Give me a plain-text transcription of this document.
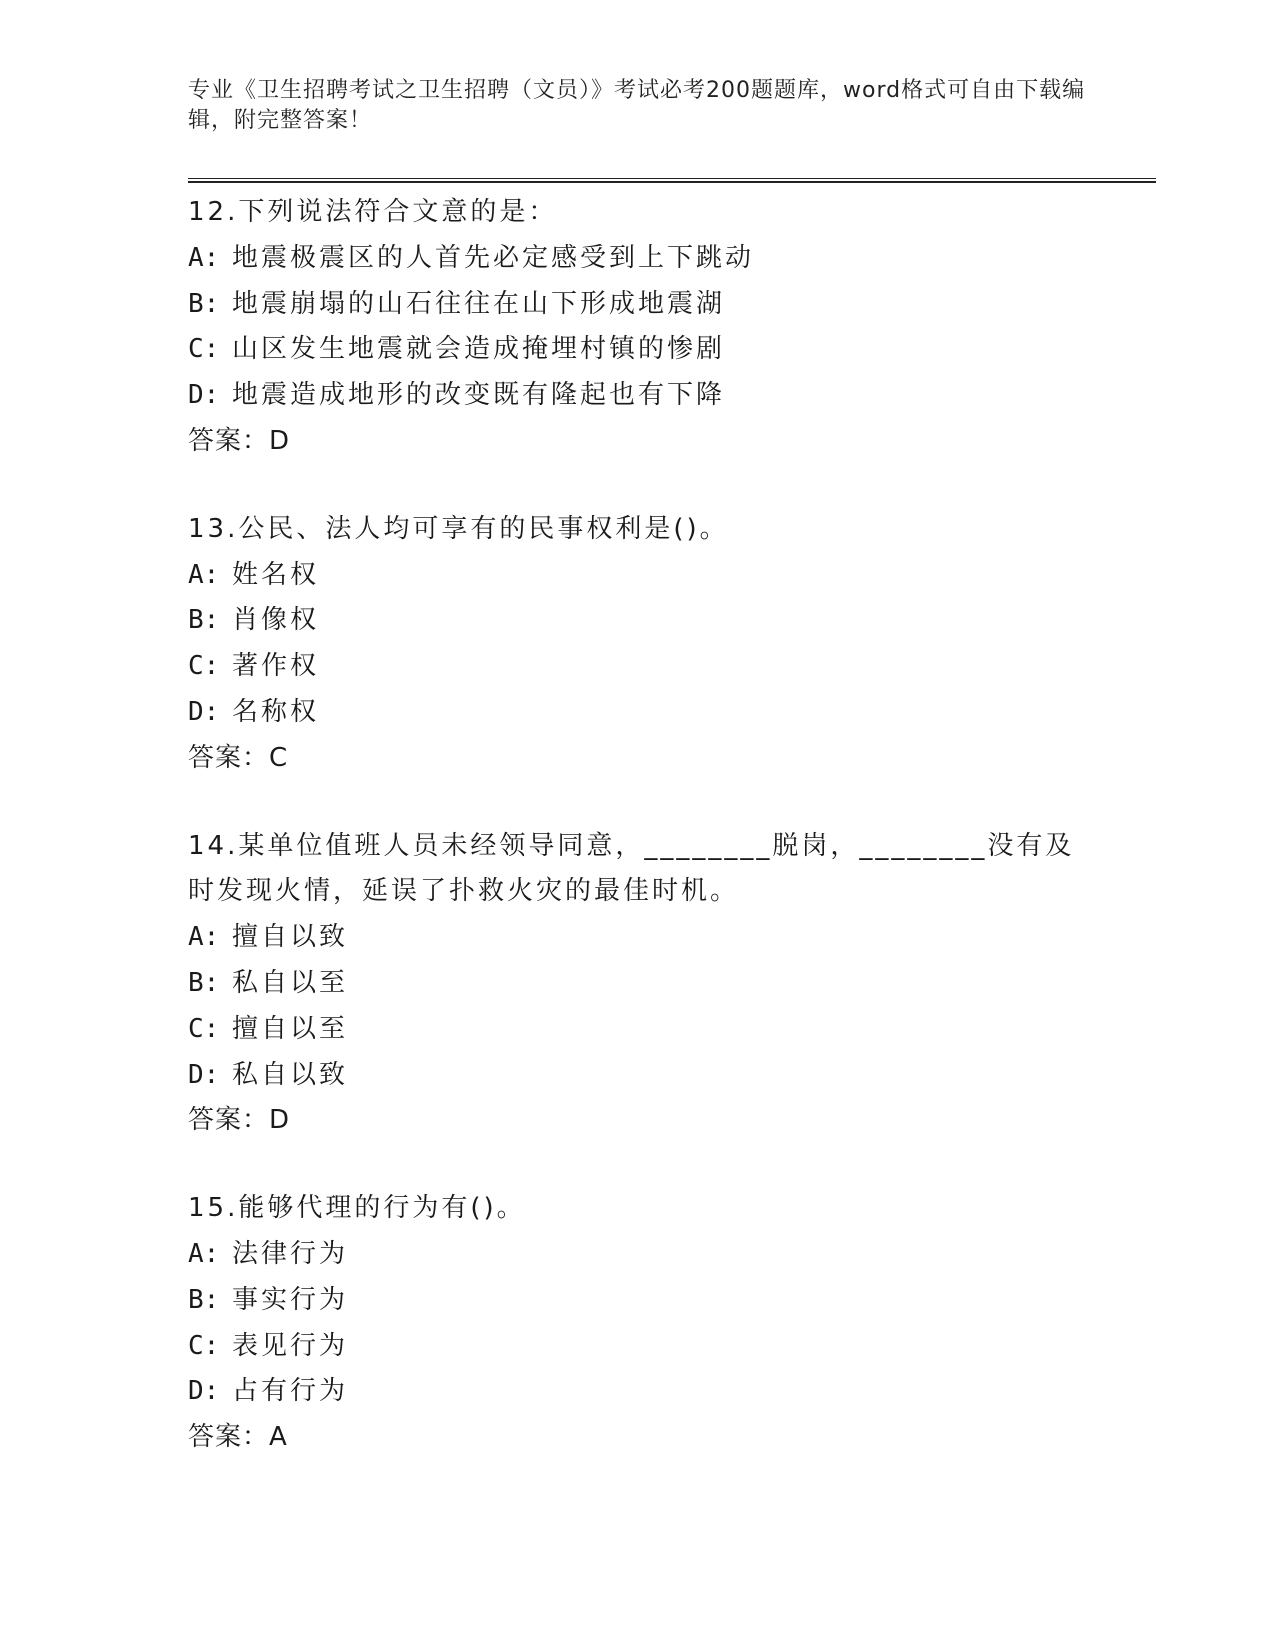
专业《卫生招聘考试之卫生招聘（文员）》考试必考200题题库，word格式可自由下载编辑，附完整答案！
12.下列说法符合文意的是：
A: 地震极震区的人首先必定感受到上下跳动
B: 地震崩塌的山石往往在山下形成地震湖
C: 山区发生地震就会造成掩埋村镇的惨剧
D: 地震造成地形的改变既有隆起也有下降
答案：D
13.公民、法人均可享有的民事权利是()。
A: 姓名权
B: 肖像权
C: 著作权
D: 名称权
答案：C
14.某单位值班人员未经领导同意，________脱岗，________没有及时发现火情，延误了扑救火灾的最佳时机。
A: 擅自以致
B: 私自以至
C: 擅自以至
D: 私自以致
答案：D
15.能够代理的行为有()。
A: 法律行为
B: 事实行为
C: 表见行为
D: 占有行为
答案：A
